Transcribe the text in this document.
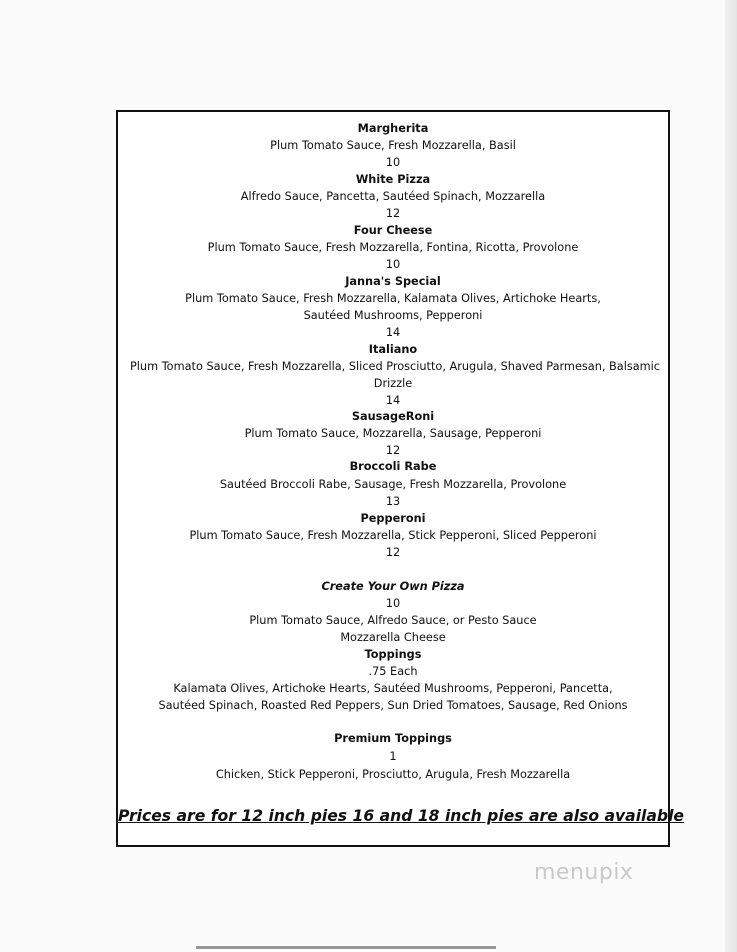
Margherita
Plum Tomato Sauce, Fresh Mozzarella, Basil
10
White Pizza
Alfredo Sauce, Pancetta, Sautéed Spinach, Mozzarella
12
Four Cheese
Plum Tomato Sauce, Fresh Mozzarella, Fontina, Ricotta, Provolone
10
Janna's Special
Plum Tomato Sauce, Fresh Mozzarella, Kalamata Olives, Artichoke Hearts,
Sautéed Mushrooms, Pepperoni
14
Italiano
Plum Tomato Sauce, Fresh Mozzarella, Sliced Prosciutto, Arugula, Shaved Parmesan, Balsamic
Drizzle
14
SausageRoni
Plum Tomato Sauce, Mozzarella, Sausage, Pepperoni
12
Broccoli Rabe
Sautéed Broccoli Rabe, Sausage, Fresh Mozzarella, Provolone
13
Pepperoni
Plum Tomato Sauce, Fresh Mozzarella, Stick Pepperoni, Sliced Pepperoni
12
Create Your Own Pizza
10
Plum Tomato Sauce, Alfredo Sauce, or Pesto Sauce
Mozzarella Cheese
Toppings
.75 Each
Kalamata Olives, Artichoke Hearts, Sautéed Mushrooms, Pepperoni, Pancetta,
Sautéed Spinach, Roasted Red Peppers, Sun Dried Tomatoes, Sausage, Red Onions
Premium Toppings
1
Chicken, Stick Pepperoni, Prosciutto, Arugula, Fresh Mozzarella
Prices are for 12 inch pies 16 and 18 inch pies are also available
menupix
